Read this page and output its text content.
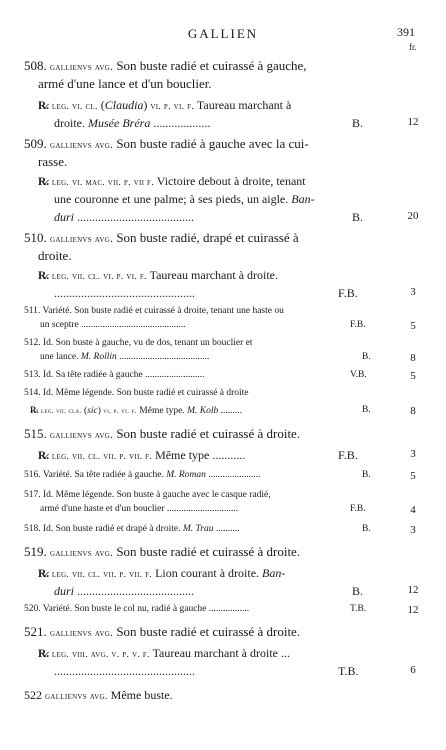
GALLIEN	391
fr.
508. gallienvs avg. Son buste radié et cuirassé à gauche,
armé d'une lance et d'un bouclier.
R̷. leg. vi. cl. (Claudia) vi. p. vi. f. Taureau marchant à
droite. Musée Bréra ...................	B.	12
509. gallienvs avg. Son buste radié à gauche avec la cui-
rasse.
R̷. leg. vi. mac. vii. p. vii f. Victoire debout à droite, tenant
une couronne et une palme; à ses pieds, un aigle. Ban-
duri .......................................	B.	20
510. gallienvs avg. Son buste radié, drapé et cuirassé à
droite.
R̷. leg. vii. cl. vi. p. vi. f. Taureau marchant à droite.
...............................................	F.B.	3
511. Variété. Son buste radié et cuirassé à droite, tenant une haste ou
un sceptre ............................................	F.B.	5
512. Id. Son buste à gauche, vu de dos, tenant un bouclier et
une lance. M. Rollin ......................................	B.	8
513. Id. Sa tête radiée à gauche .........................	V.B.	5
514. Id. Même légende. Son buste radié et cuirassé à droite
R̷. leg. vii. cla. (sic) vi. p. vi. f. Même type. M. Kolb .........	B.	8
515. gallienvs avg. Son buste radié et cuirassé à droite.
R̷. leg. vii. cl. vii. p. vii. f. Même type ...........	F.B.	3
516. Variété. Sa tête radiée à gauche. M. Roman ......................	B.	5
517. Id. Même légende. Son buste à gauche avec le casque radié,
armé d'une haste et d'un bouclier ..............................	F.B.	4
518. Id. Son buste radié et drapé à droite. M. Trau ..........	B.	3
519. gallienvs avg. Son buste radié et cuirassé à droite.
R̷. leg. vii. cl. vii. p. vii. f. Lion courant à droite. Ban-
duri .......................................	B.	12
520. Variété. Son buste le col nu, radié à gauche .................	T.B.	12
521. gallienvs avg. Son buste radié et cuirassé à droite.
R̷. leg. viii. avg. v. p. v. f. Taureau marchant à droite ...
...............................................	T.B.	6
522 gallienvs avg. Même buste.
